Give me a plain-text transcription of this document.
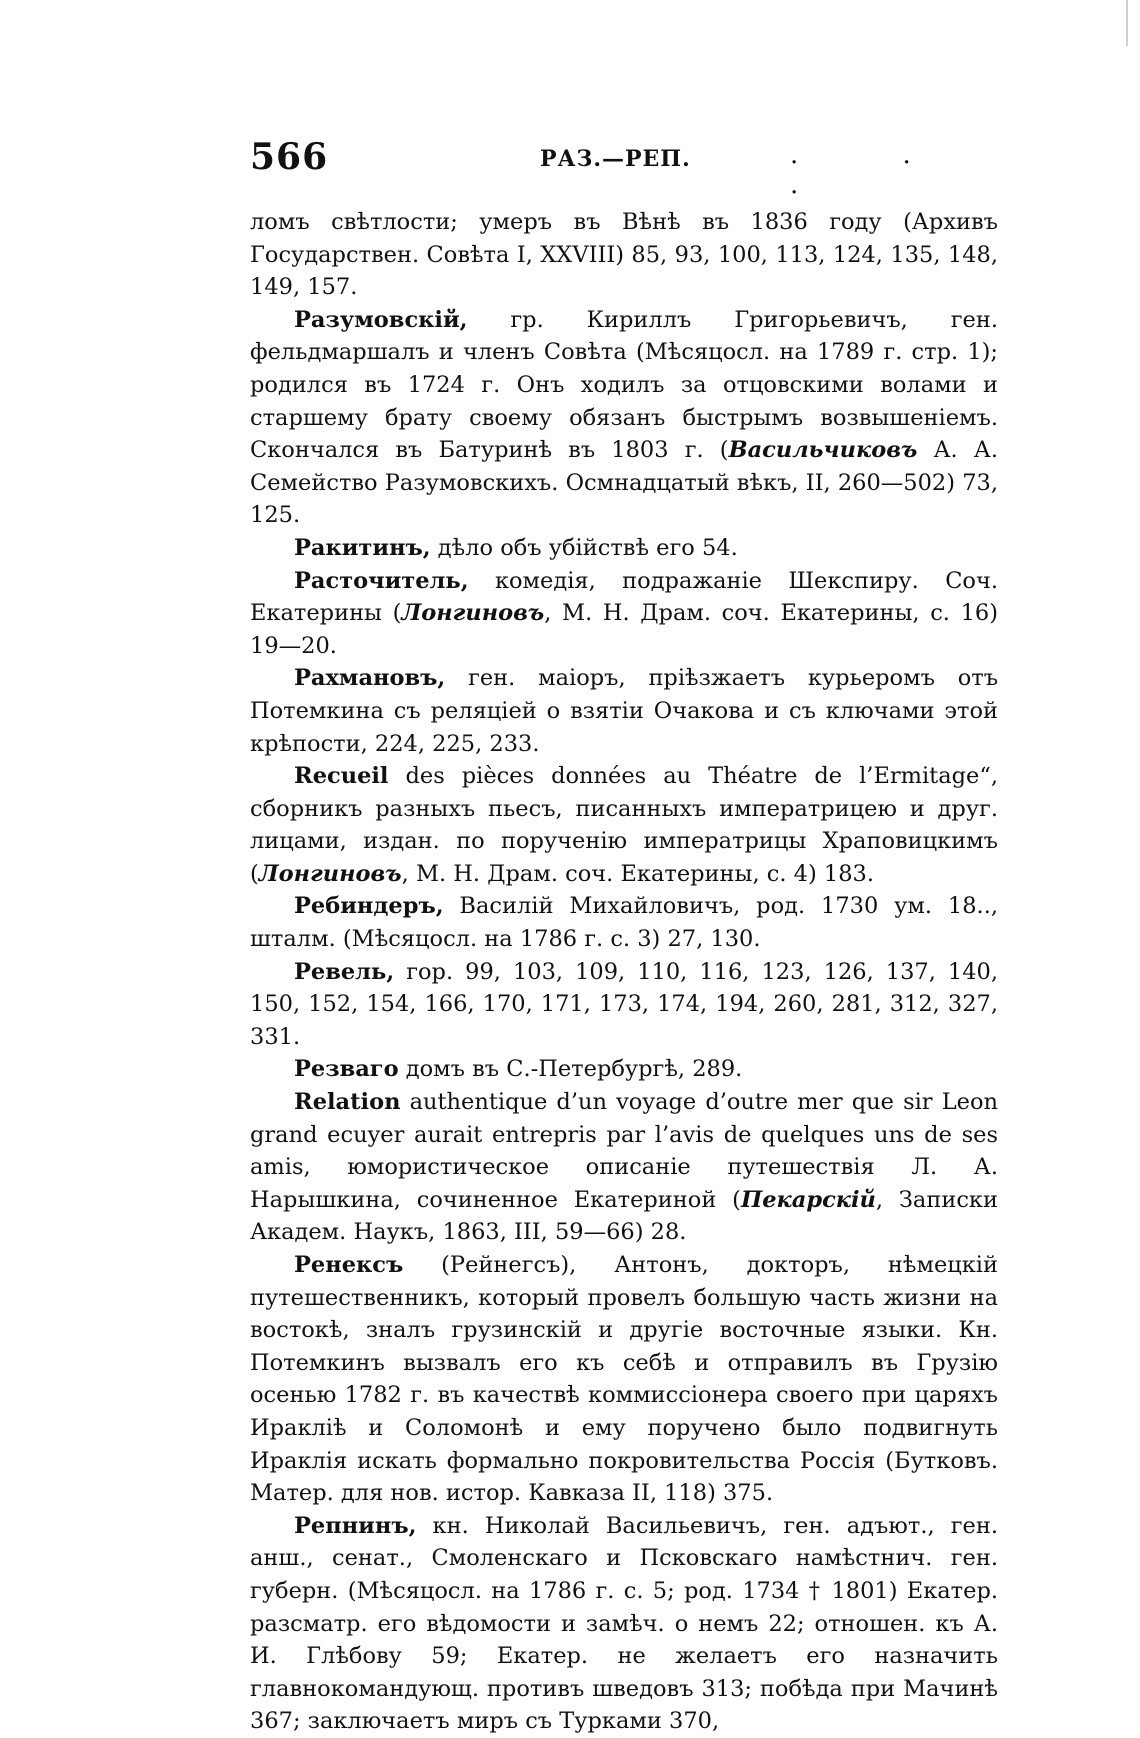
566	РАЗ.—РЕП.	. . .

ломъ свѣтлости; умеръ въ Вѣнѣ въ 1836 году (Архивъ Государствен. Совѣта I, XXVIII) 85, 93, 100, 113, 124, 135, 148, 149, 157.

Разумовскій, гр. Кириллъ Григорьевичъ, ген. фельдмаршалъ и членъ Совѣта (Мѣсяцосл. на 1789 г. стр. 1); родился въ 1724 г. Онъ ходилъ за отцовскими волами и старшему брату своему обязанъ быстрымъ возвышеніемъ. Скончался въ Батуринѣ въ 1803 г. (Васильчиковъ А. А. Семейство Разумовскихъ. Осмнадцатый вѣкъ, II, 260—502) 73, 125.

Ракитинъ, дѣло объ убійствѣ его 54.

Расточитель, комедія, подражаніе Шекспиру. Соч. Екатерины (Лонгиновъ, М. Н. Драм. соч. Екатерины, с. 16) 19—20.

Рахмановъ, ген. маіоръ, пріѣзжаетъ курьеромъ отъ Потемкина съ реляціей о взятіи Очакова и съ ключами этой крѣпости, 224, 225, 233.

Recueil des pièces données au Théatre de l’Ermitage“, сборникъ разныхъ пьесъ, писанныхъ императрицею и друг. лицами, издан. по порученію императрицы Храповицкимъ (Лонгиновъ, М. Н. Драм. соч. Екатерины, с. 4) 183.

Ребиндеръ, Василій Михайловичъ, род. 1730 ум. 18.., шталм. (Мѣсяцосл. на 1786 г. с. 3) 27, 130.

Ревель, гор. 99, 103, 109, 110, 116, 123, 126, 137, 140, 150, 152, 154, 166, 170, 171, 173, 174, 194, 260, 281, 312, 327, 331.

Резваго домъ въ С.-Петербургѣ, 289.

Relation authentique d’un voyage d’outre mer que sir Leon grand ecuyer aurait entrepris par l’avis de quelques uns de ses amis, юмористическое описаніе путешествія Л. А. Нарышкина, сочиненное Екатериной (Пекарскій, Записки Академ. Наукъ, 1863, III, 59—66) 28.

Ренексъ (Рейнегсъ), Антонъ, докторъ, нѣмецкій путешественникъ, который провелъ большую часть жизни на востокѣ, зналъ грузинскій и другіе восточные языки. Кн. Потемкинъ вызвалъ его къ себѣ и отправилъ въ Грузію осенью 1782 г. въ качествѣ коммиссіонера своего при царяхъ Ираклiѣ и Соломонѣ и ему поручено было подвигнуть Ираклія искать формально покровительства Россія (Бутковъ. Матер. для нов. истор. Кавказа II, 118) 375.

Репнинъ, кн. Николай Васильевичъ, ген. адъют., ген. анш., сенат., Смоленскаго и Псковскаго намѣстнич. ген. губерн. (Мѣсяцосл. на 1786 г. с. 5; род. 1734 † 1801) Екатер. разсматр. его вѣдомости и замѣч. о немъ 22; отношен. къ А. И. Глѣбову 59; Екатер. не желаетъ его назначить главнокомандующ. противъ шведовъ 313; побѣда при Мачинѣ 367; заключаетъ миръ съ Турками 370,
